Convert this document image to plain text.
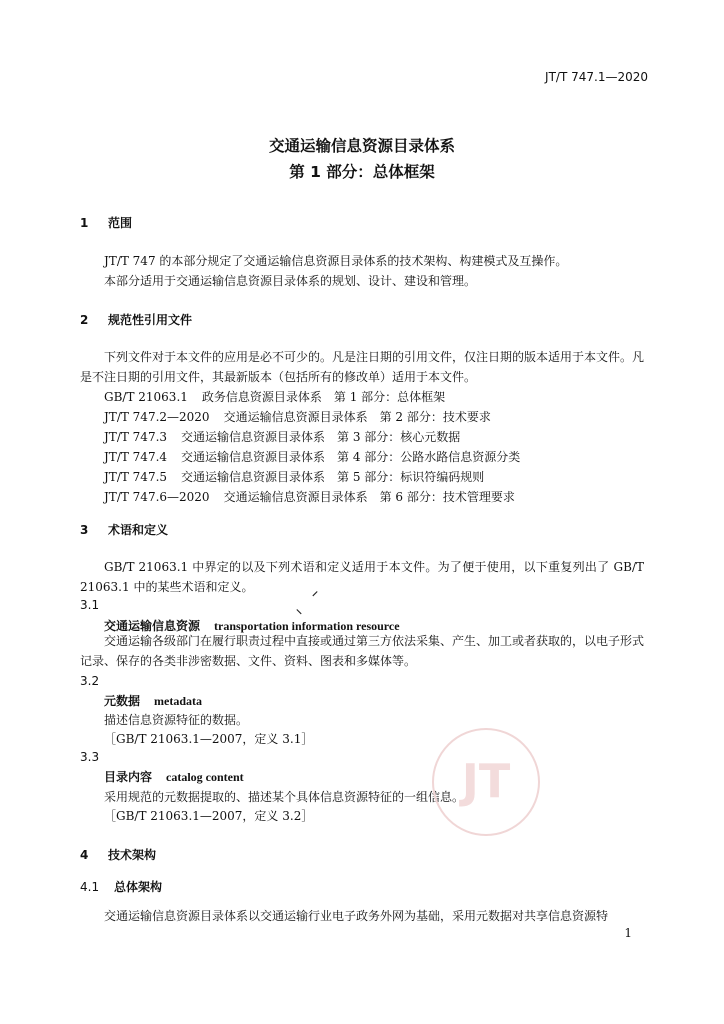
JT/T 747.1—2020
交通运输信息资源目录体系
第 1 部分：总体框架
1 范围
JT/T 747 的本部分规定了交通运输信息资源目录体系的技术架构、构建模式及互操作。
本部分适用于交通运输信息资源目录体系的规划、设计、建设和管理。
2 规范性引用文件
下列文件对于本文件的应用是必不可少的。凡是注日期的引用文件，仅注日期的版本适用于本文件。凡是不注日期的引用文件，其最新版本（包括所有的修改单）适用于本文件。
GB/T 21063.1 政务信息资源目录体系　第 1 部分：总体框架
JT/T 747.2—2020 交通运输信息资源目录体系　第 2 部分：技术要求
JT/T 747.3 交通运输信息资源目录体系　第 3 部分：核心元数据
JT/T 747.4 交通运输信息资源目录体系　第 4 部分：公路水路信息资源分类
JT/T 747.5 交通运输信息资源目录体系　第 5 部分：标识符编码规则
JT/T 747.6—2020 交通运输信息资源目录体系　第 6 部分：技术管理要求
3 术语和定义
GB/T 21063.1 中界定的以及下列术语和定义适用于本文件。为了便于使用，以下重复列出了 GB/T 21063.1 中的某些术语和定义。	⸝
⸜
3.1
交通运输信息资源 transportation information resource
交通运输各级部门在履行职责过程中直接或通过第三方依法采集、产生、加工或者获取的，以电子形式记录、保存的各类非涉密数据、文件、资料、图表和多媒体等。
3.2
元数据 metadata
描述信息资源特征的数据。
［GB/T 21063.1—2007，定义 3.1］
3.3
目录内容 catalog content
采用规范的元数据提取的、描述某个具体信息资源特征的一组信息。
［GB/T 21063.1—2007，定义 3.2］
4 技术架构
4.1 总体架构
交通运输信息资源目录体系以交通运输行业电子政务外网为基础，采用元数据对共享信息资源特
JT
1
